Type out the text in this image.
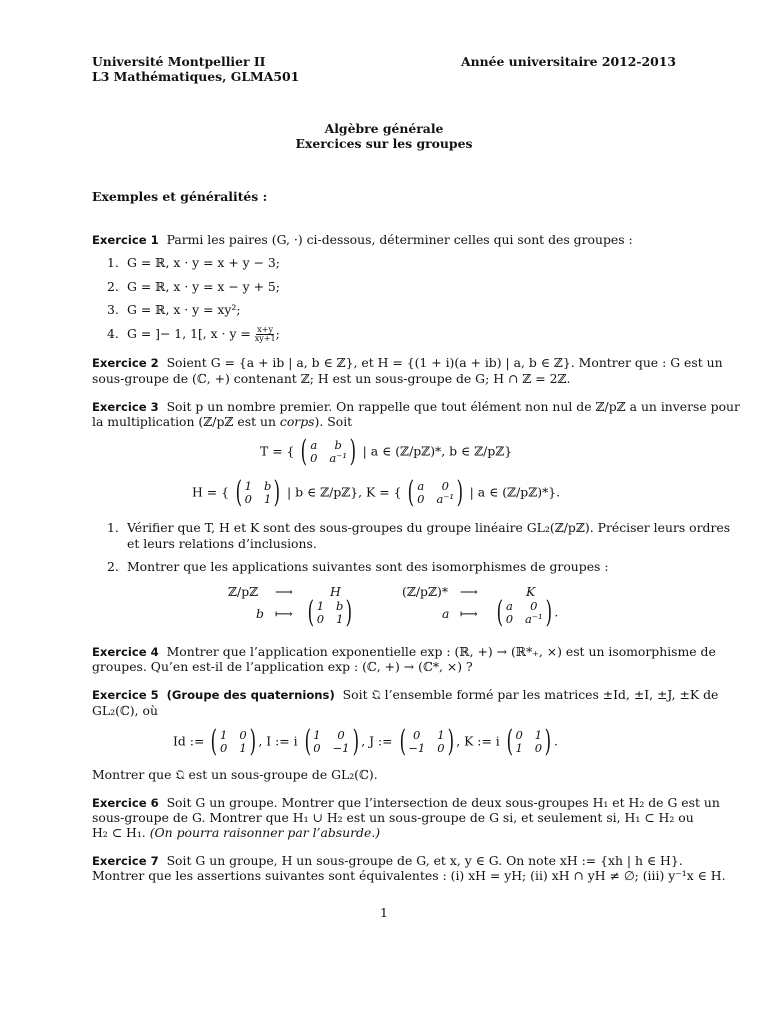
Université Montpellier II
L3 Mathématiques, GLMA501
Année universitaire 2012-2013
Algèbre générale
Exercices sur les groupes
Exemples et généralités :
Exercice 1 Parmi les paires (G, ·) ci-dessous, déterminer celles qui sont des groupes :
1. G = ℝ, x · y = x + y − 3;
2. G = ℝ, x · y = x − y + 5;
3. G = ℝ, x · y = xy²;
4. G = ]− 1, 1[, $x \cdot y = \frac{x+y}{xy+1}$ ;
Exercice 2 Soient G = {a + ib | a, b ∈ ℤ}, et H = {(1 + i)(a + ib) | a, b ∈ ℤ}. Montrer que : G est un
sous-groupe de (ℂ, +) contenant ℤ; H est un sous-groupe de G; H ∩ ℤ = 2ℤ.
Exercice 3 Soit p un nombre premier. On rappelle que tout élément non nul de ℤ/pℤ a un inverse pour
la multiplication (ℤ/pℤ est un corps). Soit
T = { ( a	b
0 a⁻¹ ) | a ∈ (ℤ/pℤ)*, b ∈ ℤ/pℤ}
H = { ( 1 b
0 1 ) | b ∈ ℤ/pℤ}, K = { ( a	0
0 a⁻¹ ) | a ∈ (ℤ/pℤ)*}.
1. Vérifier que T, H et K sont des sous-groupes du groupe linéaire GL₂(ℤ/pℤ). Préciser leurs ordres
et leurs relations d’inclusions.
2. Montrer que les applications suivantes sont des isomorphismes de groupes :
ℤ/pℤ ⟶	H
b ⟼ ( 1 b
0 1 )
(ℤ/pℤ)* ⟶	K
a ⟼ ( a	0
0 a⁻¹ ) .
Exercice 4 Montrer que l’application exponentielle exp : (ℝ, +) → (ℝ*₊, ×) est un isomorphisme de
groupes. Qu’en est-il de l’application exp : (ℂ, +) → (ℂ*, ×) ?
Exercice 5 (Groupe des quaternions) Soit 𝔔 l’ensemble formé par les matrices ±Id, ±I, ±J, ±K de
GL₂(ℂ), où
Id := ( 1 0
0 1 ) , I := i ( 1	0
0 −1 ) , J := ( 0	1
−1 0 ) , K := i ( 0 1
1 0 ) .
Montrer que 𝔔 est un sous-groupe de GL₂(ℂ).
Exercice 6 Soit G un groupe. Montrer que l’intersection de deux sous-groupes H₁ et H₂ de G est un
sous-groupe de G. Montrer que H₁ ∪ H₂ est un sous-groupe de G si, et seulement si, H₁ ⊂ H₂ ou
H₂ ⊂ H₁. (On pourra raisonner par l’absurde.)
Exercice 7 Soit G un groupe, H un sous-groupe de G, et x, y ∈ G. On note xH := {xh | h ∈ H}.
Montrer que les assertions suivantes sont équivalentes : (i) xH = yH; (ii) xH ∩ yH ≠ ∅; (iii) y⁻¹x ∈ H.
1
